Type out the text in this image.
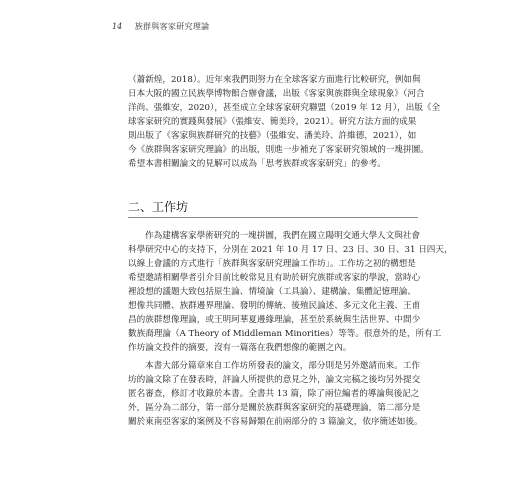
14 族群與客家研究理論
（蕭新煌，2018）。近年來我們則努力在全球客家方面進行比較研究，例如與
日本大阪的國立民族學博物館合辦會議，出版《客家與族群與全球現象》（河合
洋尚、張維安，2020），甚至成立全球客家研究聯盟（2019 年 12 月），出版《全
球客家研究的實踐與發展》（張維安、簡美玲，2021）。研究方法方面的成果
則出版了《客家與族群研究的技藝》（張維安、潘美玲、許維德，2021），如
今《族群與客家研究理論》的出版，則進一步補充了客家研究領域的一塊拼圖。
希望本書相關論文的見解可以成為「思考族群或客家研究」的參考。
二、工作坊
作為建構客家學術研究的一塊拼圖，我們在國立陽明交通大學人文與社會
科學研究中心的支持下，分別在 2021 年 10 月 17 日、23 日、30 日、31 日四天，
以線上會議的方式進行「族群與客家研究理論工作坊」。工作坊之初的構想是
希望邀請相關學者引介目前比較常見且有助於研究族群或客家的學說，當時心
裡設想的議題大致包括原生論、情境論（工具論）、建構論、集體記憶理論、
想像共同體、族群邊界理論、發明的傳統、後殖民論述、多元文化主義、王甫
昌的族群想像理論，或王明珂華夏邊緣理論，甚至於系統與生活世界、中間少
數族裔理論（A Theory of Middleman Minorities）等等。很意外的是，所有工
作坊論文投件的摘要，沒有一篇落在我們想像的範圍之內。
本書大部分篇章來自工作坊所發表的論文，部分則是另外邀請而來。工作
坊的論文除了在發表時，評論人所提供的意見之外，論文完稿之後均另外提交
匿名審查，修訂才收錄於本書。全書共 13 篇，除了兩位編者的導論與後記之
外，區分為二部分，第一部分是關於族群與客家研究的基礎理論，第二部分是
關於東南亞客家的案例及不容易歸類在前兩部分的 3 篇論文，依序簡述如後。
